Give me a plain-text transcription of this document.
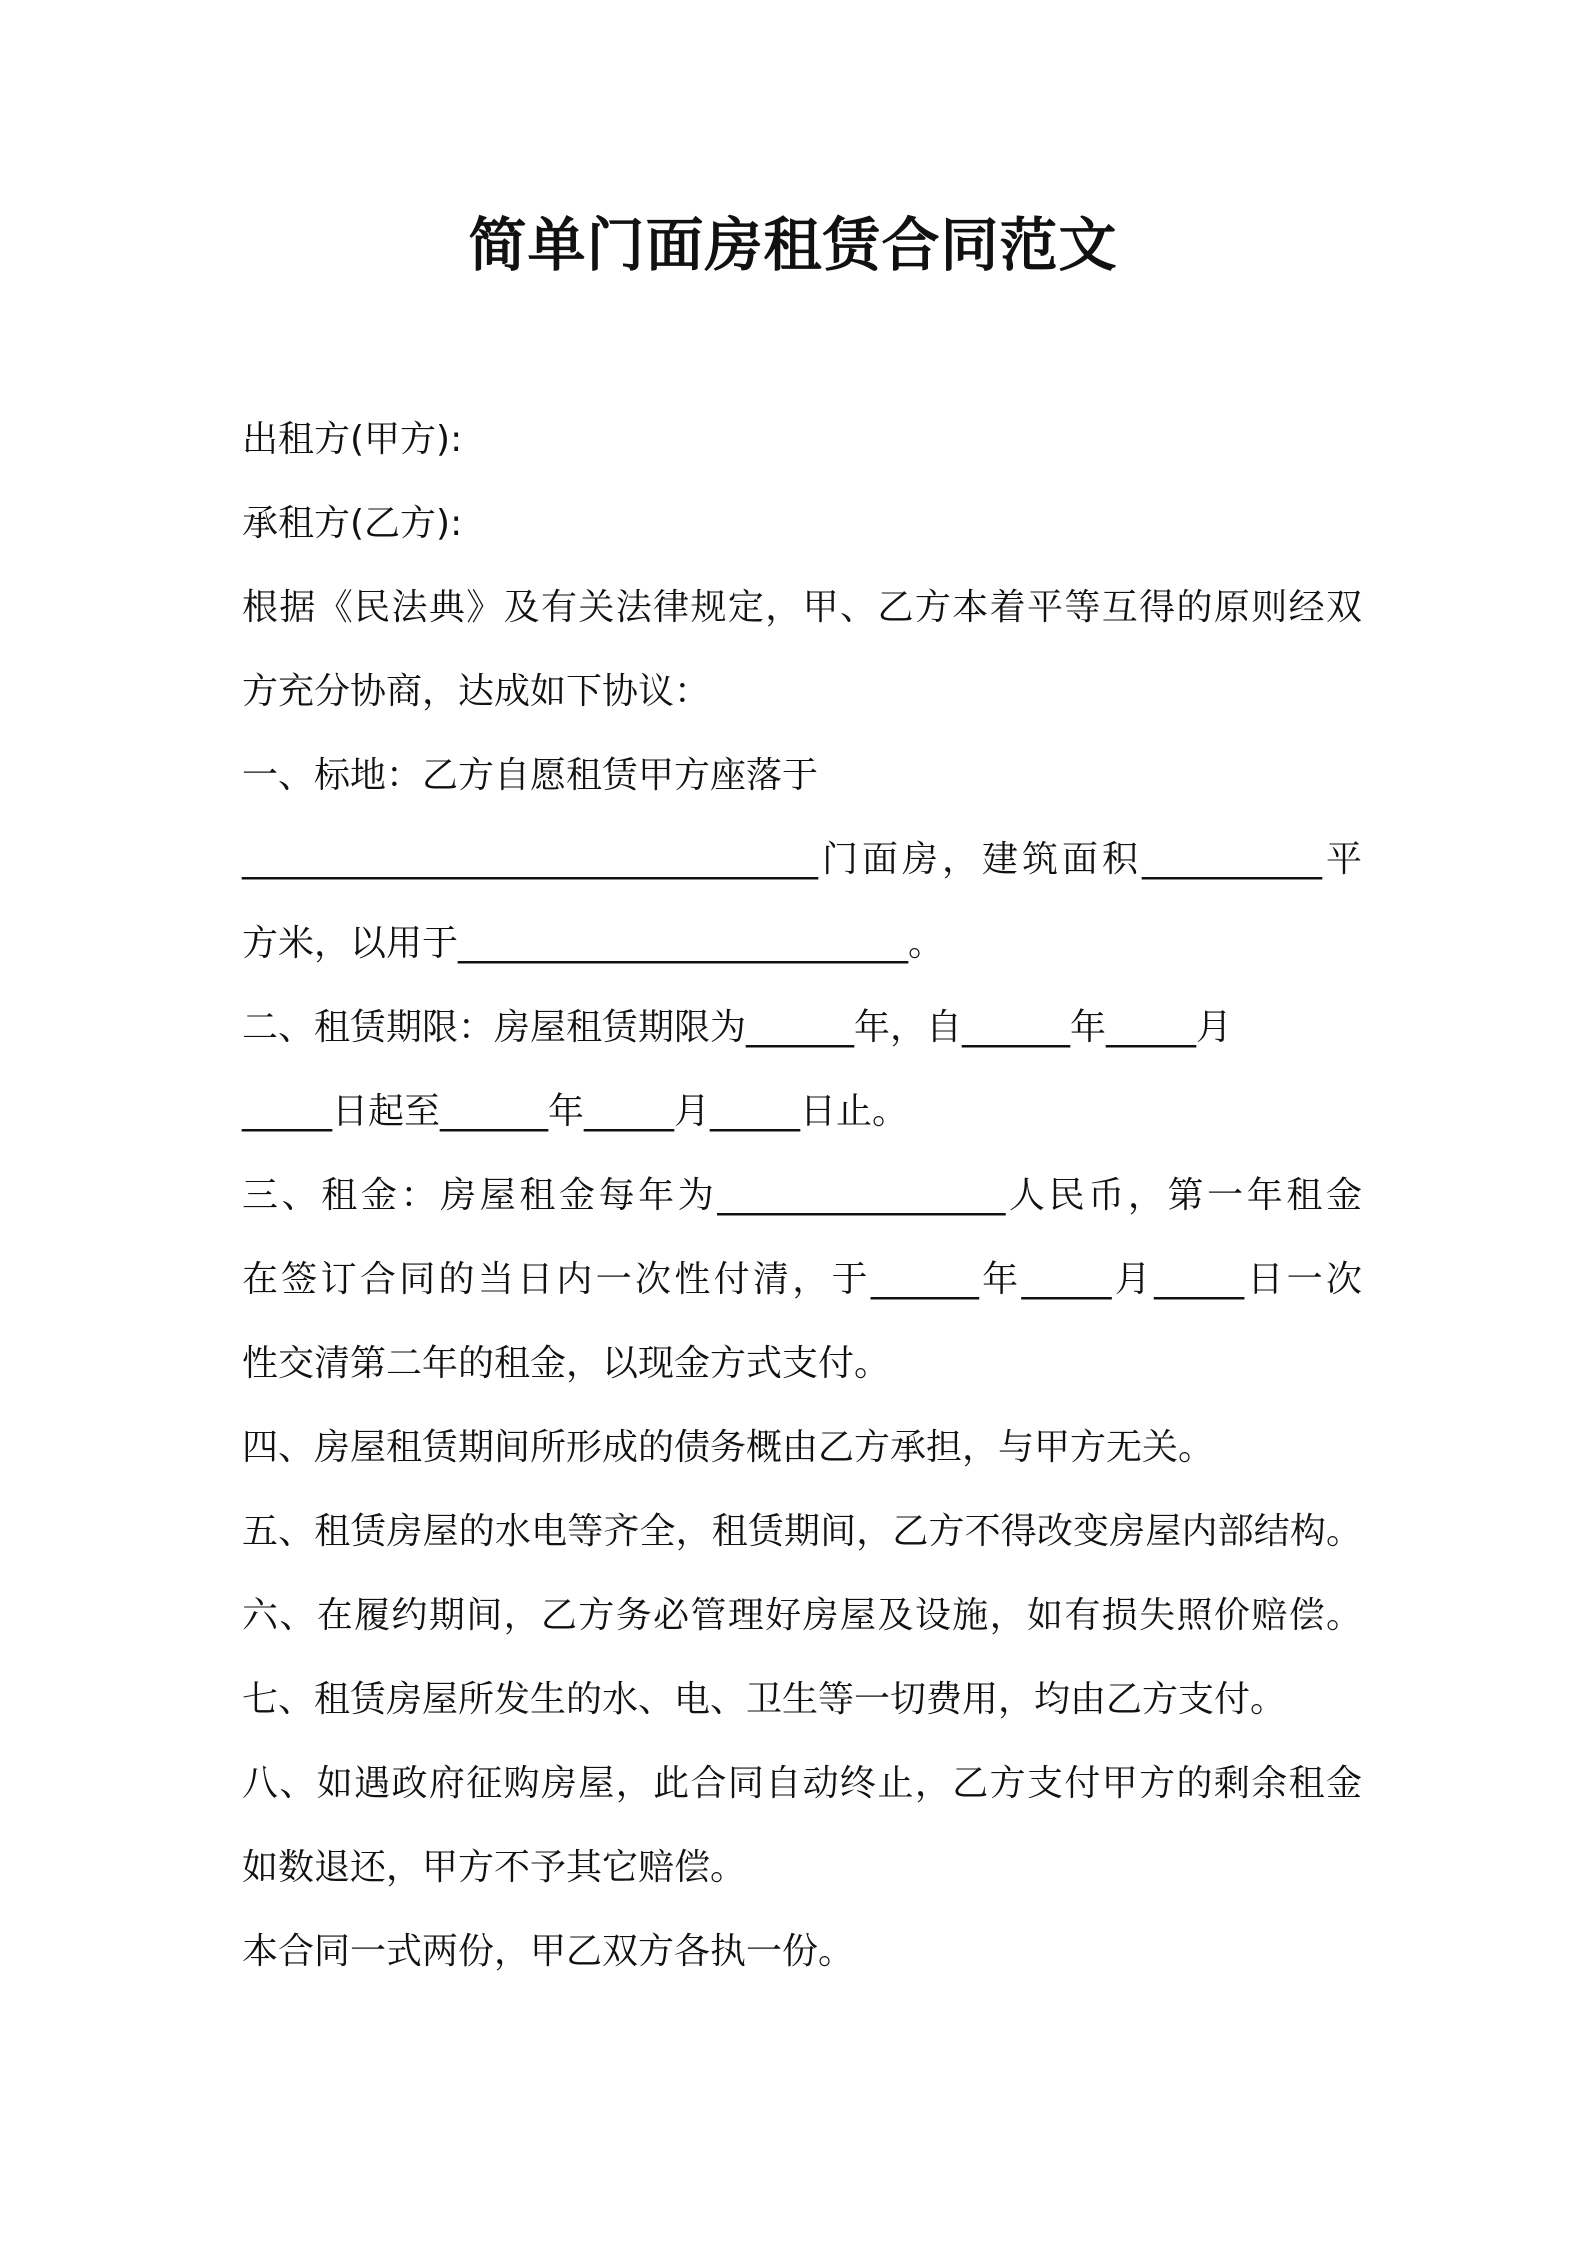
简单门面房租赁合同范文

出租方(甲方):

承租方(乙方):

根据《民法典》及有关法律规定，甲、乙方本着平等互得的原则经双

方充分协商，达成如下协议：

一、标地：乙方自愿租赁甲方座落于

________________________________门面房，建筑面积__________平

方米，以用于_________________________。

二、租赁期限：房屋租赁期限为______年，自______年_____月

_____日起至______年_____月_____日止。

三、租金：房屋租金每年为________________人民币，第一年租金

在签订合同的当日内一次性付清，于______年_____月_____日一次

性交清第二年的租金，以现金方式支付。

四、房屋租赁期间所形成的债务概由乙方承担，与甲方无关。

五、租赁房屋的水电等齐全，租赁期间，乙方不得改变房屋内部结构。

六、在履约期间，乙方务必管理好房屋及设施，如有损失照价赔偿。

七、租赁房屋所发生的水、电、卫生等一切费用，均由乙方支付。

八、如遇政府征购房屋，此合同自动终止，乙方支付甲方的剩余租金

如数退还，甲方不予其它赔偿。

本合同一式两份，甲乙双方各执一份。
